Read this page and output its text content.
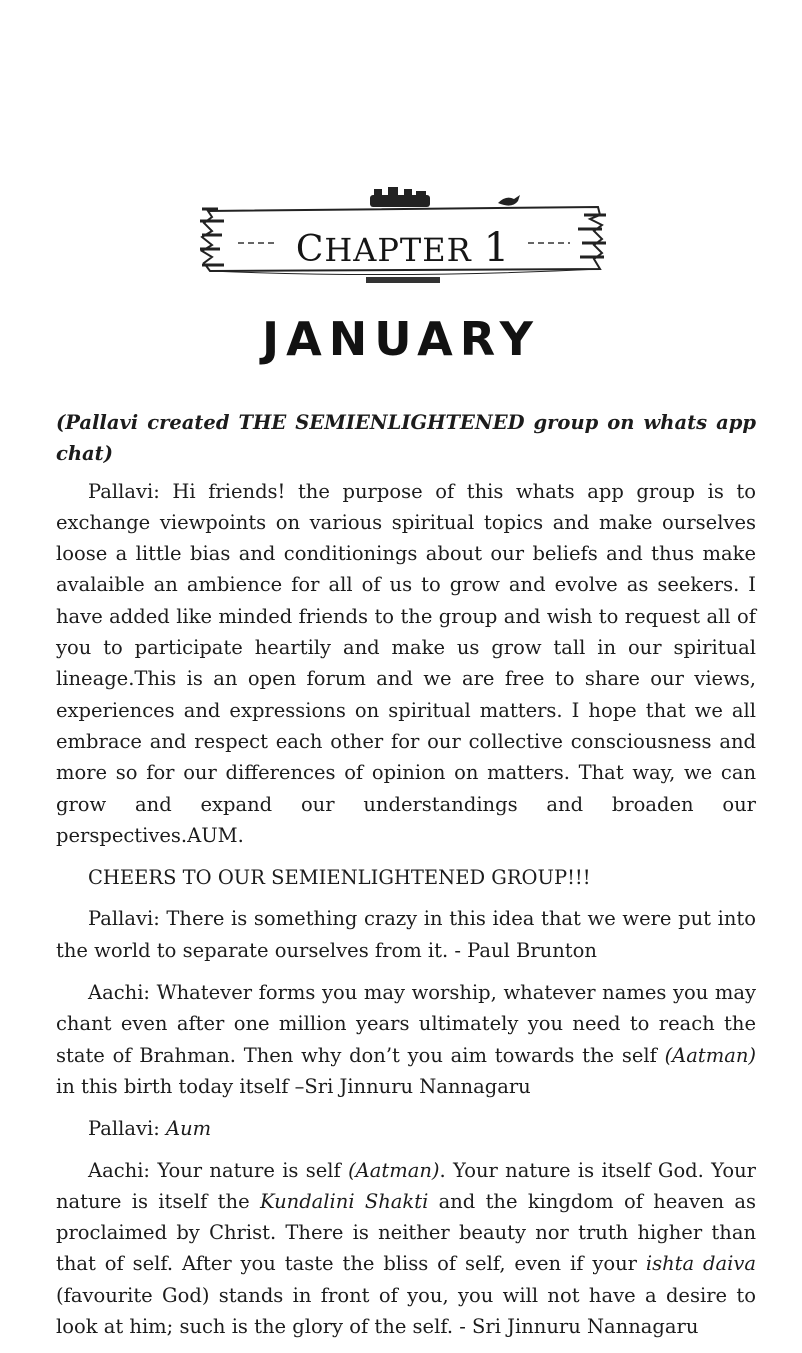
CHAPTER 1
JANUARY

(Pallavi created THE SEMIENLIGHTENED group on whats app chat)

Pallavi: Hi friends! the purpose of this whats app group is to exchange viewpoints on various spiritual topics and make ourselves loose a little bias and conditionings about our beliefs and thus make avalaible an ambience for all of us to grow and evolve as seekers. I have added like minded friends to the group and wish to request all of you to participate heartily and make us grow tall in our spiritual lineage.This is an open forum and we are free to share our views, experiences and expressions on spiritual matters. I hope that we all embrace and respect each other for our collective consciousness and more so for our differences of opinion on matters. That way, we can grow and expand our understandings and broaden our perspectives.AUM.

CHEERS TO OUR SEMIENLIGHTENED GROUP!!!

Pallavi: There is something crazy in this idea that we were put into the world to separate ourselves from it. - Paul Brunton

Aachi: Whatever forms you may worship, whatever names you may chant even after one million years ultimately you need to reach the state of Brahman. Then why don’t you aim towards the self (Aatman) in this birth today itself –Sri Jinnuru Nannagaru

Pallavi: Aum

Aachi: Your nature is self (Aatman). Your nature is itself God. Your nature is itself the Kundalini Shakti and the kingdom of heaven as proclaimed by Christ. There is neither beauty nor truth higher than that of self. After you taste the bliss of self, even if your ishta daiva (favourite God) stands in front of you, you will not have a desire to look at him; such is the glory of the self. - Sri Jinnuru Nannagaru
